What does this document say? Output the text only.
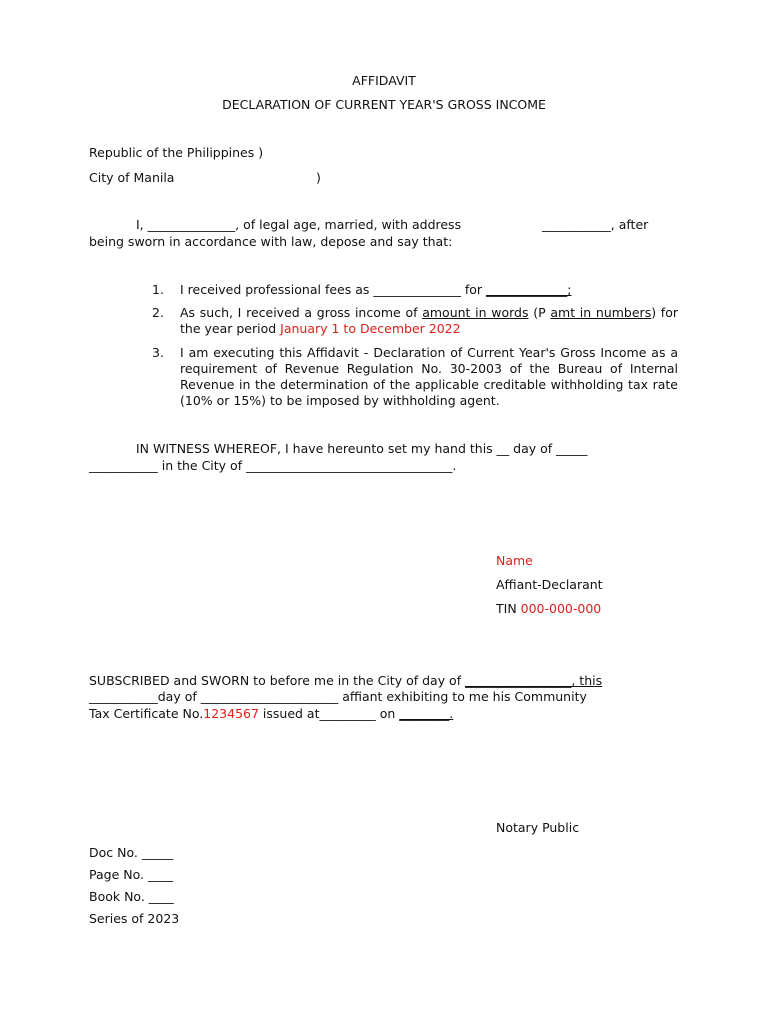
AFFIDAVIT
DECLARATION OF CURRENT YEAR'S GROSS INCOME
Republic of the Philippines )
City of Manila	)
I, ______________, of legal age, married, with address	___________, after
being sworn in accordance with law, depose and say that:
1. I received professional fees as ______________ for _____________;
2. As such, I received a gross income of amount in words (P amt in numbers) for the year period January 1 to December 2022
3. I am executing this Affidavit - Declaration of Current Year's Gross Income as a requirement of Revenue Regulation No. 30-2003 of the Bureau of Internal Revenue in the determination of the applicable creditable withholding tax rate (10% or 15%) to be imposed by withholding agent.
IN WITNESS WHEREOF, I have hereunto set my hand this __ day of _____
___________ in the City of _________________________________.
Name
Affiant-Declarant
TIN 000-000-000
SUBSCRIBED and SWORN to before me in the City of day of _________________, this
___________day of ______________________ affiant exhibiting to me his Community
Tax Certificate No.1234567 issued at_________ on ________.
Notary Public
Doc No. _____
Page No. ____
Book No. ____
Series of 2023
